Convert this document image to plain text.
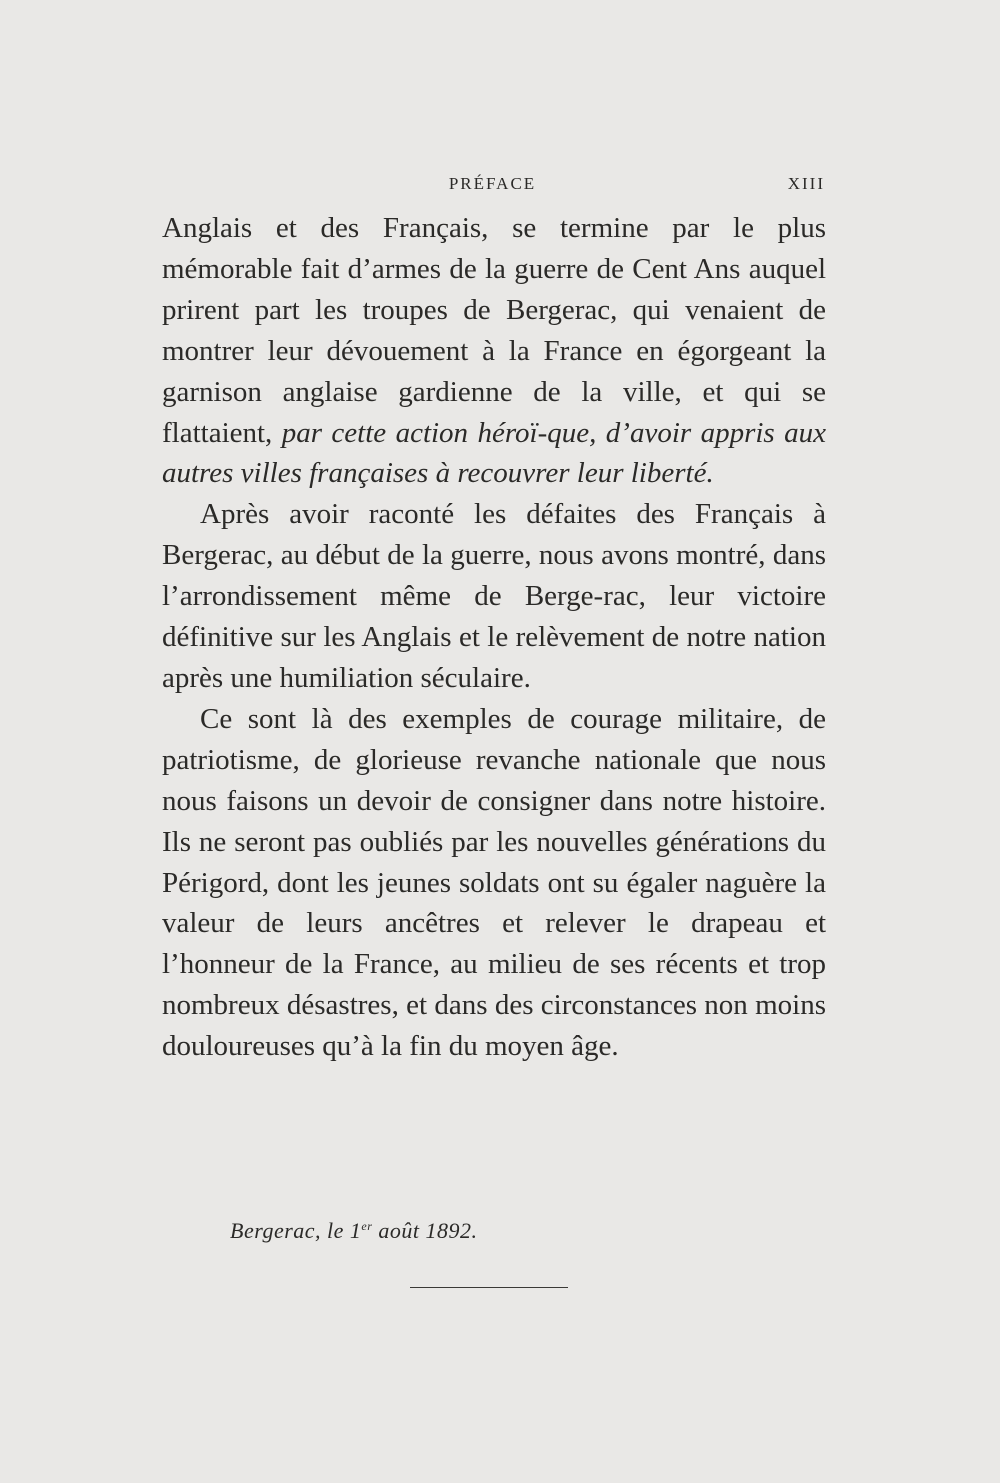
PRÉFACE	XIII

Anglais et des Français, se termine par le plus mémorable fait d’armes de la guerre de Cent Ans auquel prirent part les troupes de Bergerac, qui venaient de montrer leur dévouement à la France en égorgeant la garnison anglaise gardienne de la ville, et qui se flattaient, par cette action héroï-que, d’avoir appris aux autres villes françaises à recouvrer leur liberté.

Après avoir raconté les défaites des Français à Bergerac, au début de la guerre, nous avons montré, dans l’arrondissement même de Berge-rac, leur victoire définitive sur les Anglais et le relèvement de notre nation après une humiliation séculaire.

Ce sont là des exemples de courage militaire, de patriotisme, de glorieuse revanche nationale que nous nous faisons un devoir de consigner dans notre histoire. Ils ne seront pas oubliés par les nouvelles générations du Périgord, dont les jeunes soldats ont su égaler naguère la valeur de leurs ancêtres et relever le drapeau et l’honneur de la France, au milieu de ses récents et trop nombreux désastres, et dans des circonstances non moins douloureuses qu’à la fin du moyen âge.

Bergerac, le 1er août 1892.
